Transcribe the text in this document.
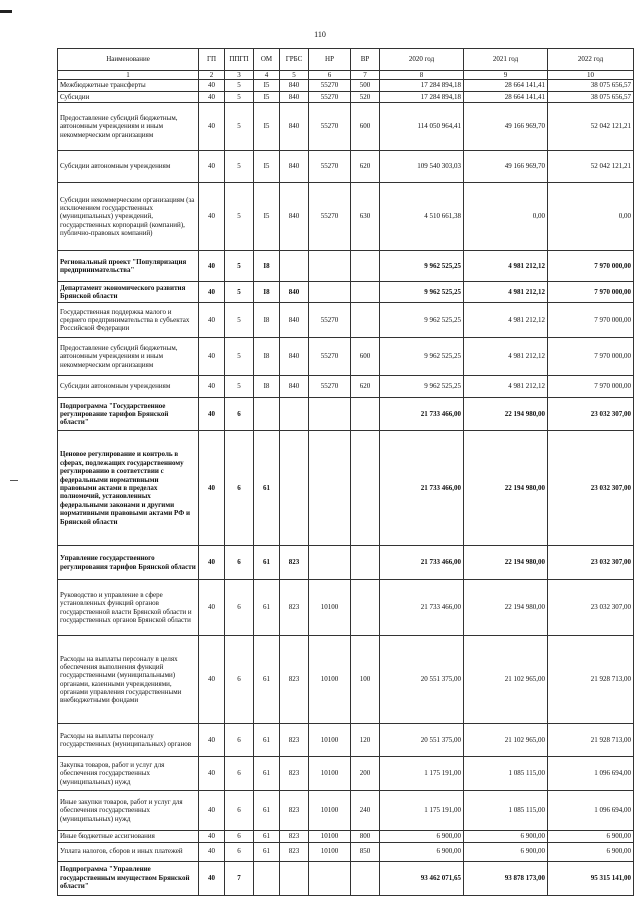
110
Наименование	ГП	ППГП	ОМ	ГРБС	НР	ВР	2020 год	2021 год	2022 год
1	2	3	4	5	6	7	8	9	10
Межбюджетные трансферты	40	5	I5	840	55270	500	17 284 894,18	28 664 141,41	38 075 656,57
Субсидии	40	5	I5	840	55270	520	17 284 894,18	28 664 141,41	38 075 656,57
Предоставление субсидий бюджетным, автономным учреждениям и иным некоммерческим организациям	40	5	I5	840	55270	600	114 050 964,41	49 166 969,70	52 042 121,21
Субсидии автономным учреждениям	40	5	I5	840	55270	620	109 540 303,03	49 166 969,70	52 042 121,21
Субсидии некоммерческим организациям (за исключением государственных (муниципальных) учреждений, государственных корпораций (компаний), публично-правовых компаний)	40	5	I5	840	55270	630	4 510 661,38	0,00	0,00
Региональный проект "Популяризация предпринимательства"	40	5	I8				9 962 525,25	4 981 212,12	7 970 000,00
Департамент экономического развития Брянской области	40	5	I8	840			9 962 525,25	4 981 212,12	7 970 000,00
Государственная поддержка малого и среднего предпринимательства в субъектах Российской Федерации	40	5	I8	840	55270		9 962 525,25	4 981 212,12	7 970 000,00
Предоставление субсидий бюджетным, автономным учреждениям и иным некоммерческим организациям	40	5	I8	840	55270	600	9 962 525,25	4 981 212,12	7 970 000,00
Субсидии автономным учреждениям	40	5	I8	840	55270	620	9 962 525,25	4 981 212,12	7 970 000,00
Подпрограмма "Государственное регулирование тарифов Брянской области"	40	6					21 733 466,00	22 194 980,00	23 032 307,00
Ценовое регулирование и контроль в сферах, подлежащих государственному регулированию в соответствии с федеральными нормативными правовыми актами в пределах полномочий, установленных федеральными законами и другими нормативными правовыми актами РФ и Брянской области	40	6	61				21 733 466,00	22 194 980,00	23 032 307,00
Управление государственного регулирования тарифов Брянской области	40	6	61	823			21 733 466,00	22 194 980,00	23 032 307,00
Руководство и управление в сфере установленных функций органов государственной власти Брянской области и государственных органов Брянской области	40	6	61	823	10100		21 733 466,00	22 194 980,00	23 032 307,00
Расходы на выплаты персоналу в целях обеспечения выполнения функций государственными (муниципальными) органами, казенными учреждениями, органами управления государственными внебюджетными фондами	40	6	61	823	10100	100	20 551 375,00	21 102 965,00	21 928 713,00
Расходы на выплаты персоналу государственных (муниципальных) органов	40	6	61	823	10100	120	20 551 375,00	21 102 965,00	21 928 713,00
Закупка товаров, работ и услуг для обеспечения государственных (муниципальных) нужд	40	6	61	823	10100	200	1 175 191,00	1 085 115,00	1 096 694,00
Иные закупки товаров, работ и услуг для обеспечения государственных (муниципальных) нужд	40	6	61	823	10100	240	1 175 191,00	1 085 115,00	1 096 694,00
Иные бюджетные ассигнования	40	6	61	823	10100	800	6 900,00	6 900,00	6 900,00
Уплата налогов, сборов и иных платежей	40	6	61	823	10100	850	6 900,00	6 900,00	6 900,00
Подпрограмма "Управление государственным имуществом Брянской области"	40	7					93 462 071,65	93 878 173,00	95 315 141,00
